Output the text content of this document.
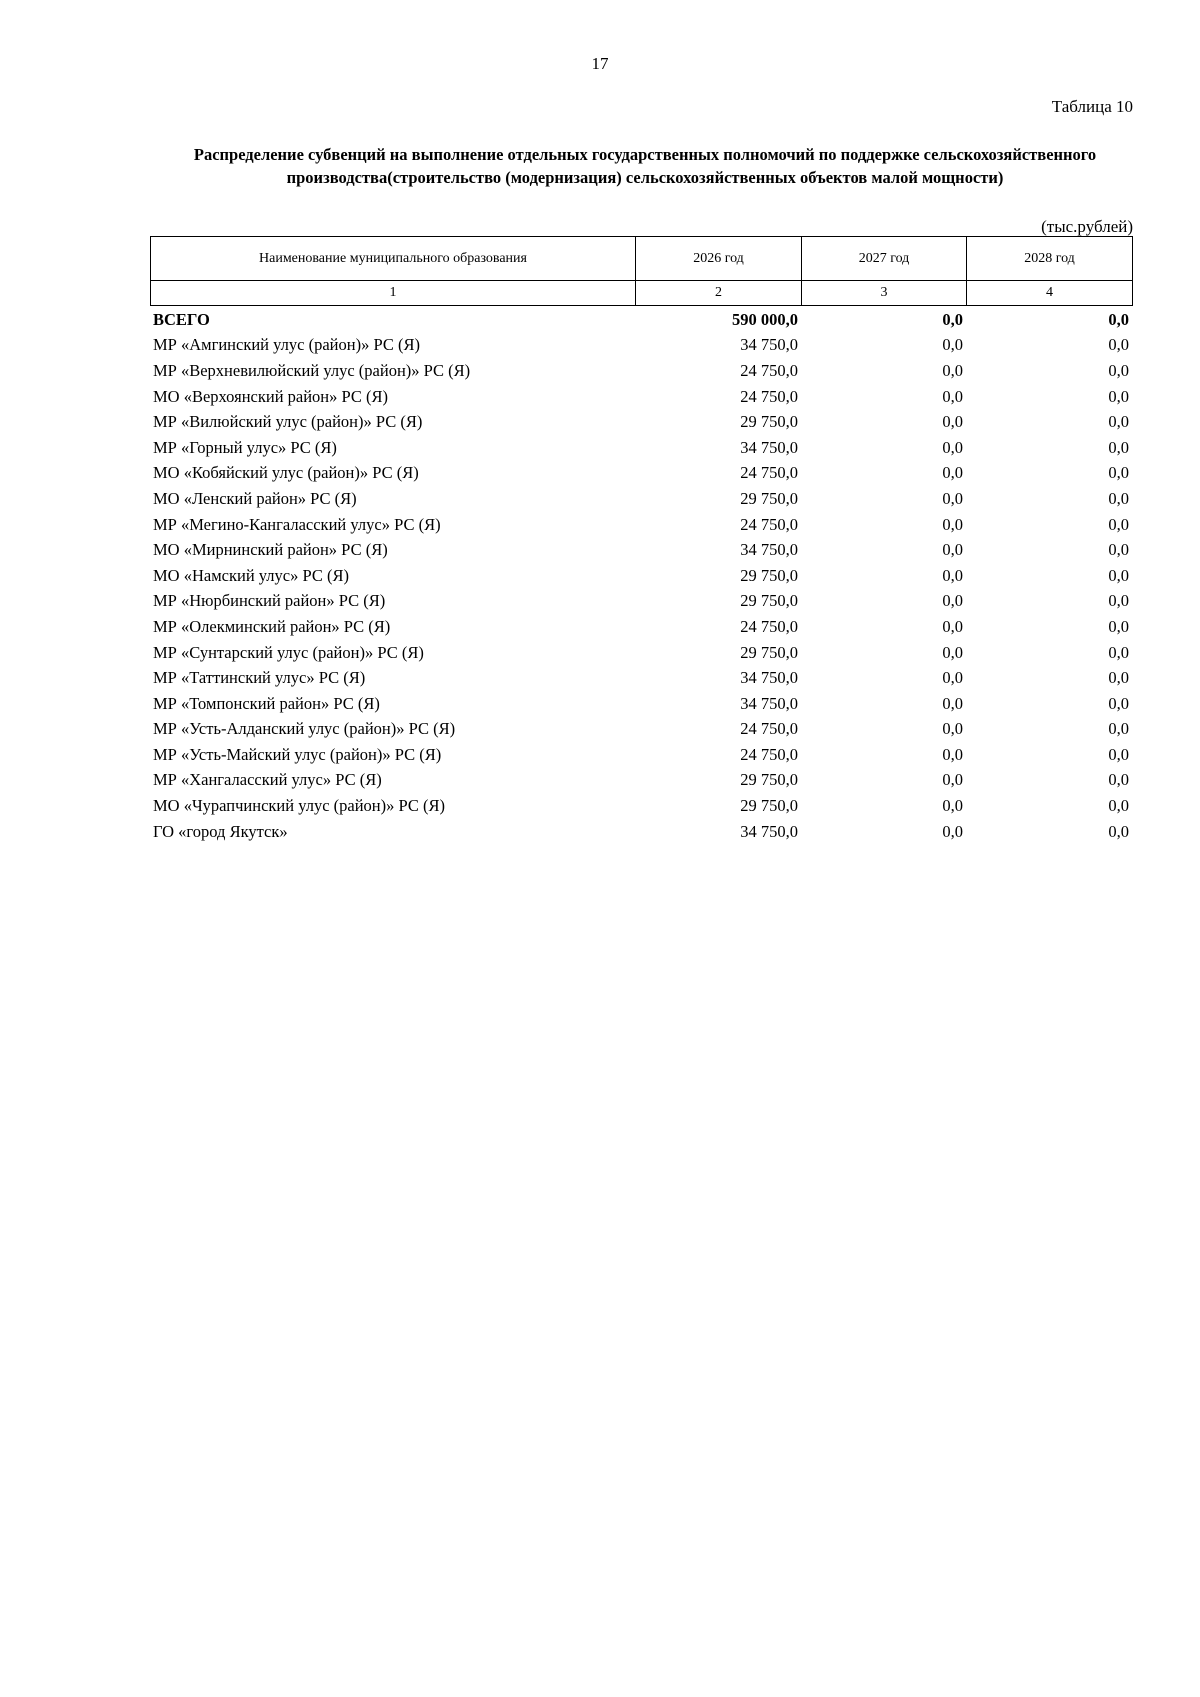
17
Таблица 10
Распределение субвенций на выполнение отдельных государственных полномочий по поддержке сельскохозяйственного
производства(строительство (модернизация) сельскохозяйственных объектов малой мощности)
(тыс.рублей)
Наименование муниципального образования	2026 год	2027 год	2028 год
1	2	3	4
ВСЕГО	590 000,0	0,0	0,0
МР «Амгинский улус (район)» РС (Я)	34 750,0	0,0	0,0
МР «Верхневилюйский улус (район)» РС (Я)	24 750,0	0,0	0,0
МО «Верхоянский район» РС (Я)	24 750,0	0,0	0,0
МР «Вилюйский улус (район)» РС (Я)	29 750,0	0,0	0,0
МР «Горный улус» РС (Я)	34 750,0	0,0	0,0
МО «Кобяйский улус (район)» РС (Я)	24 750,0	0,0	0,0
МО «Ленский район» РС (Я)	29 750,0	0,0	0,0
МР «Мегино-Кангаласский улус» РС (Я)	24 750,0	0,0	0,0
МО «Мирнинский район» РС (Я)	34 750,0	0,0	0,0
МО «Намский улус» РС (Я)	29 750,0	0,0	0,0
МР «Нюрбинский район» РС (Я)	29 750,0	0,0	0,0
МР «Олекминский район» РС (Я)	24 750,0	0,0	0,0
МР «Сунтарский улус (район)» РС (Я)	29 750,0	0,0	0,0
МР «Таттинский улус» РС (Я)	34 750,0	0,0	0,0
МР «Томпонский район» РС (Я)	34 750,0	0,0	0,0
МР «Усть-Алданский улус (район)» РС (Я)	24 750,0	0,0	0,0
МР «Усть-Майский улус (район)» РС (Я)	24 750,0	0,0	0,0
МР «Хангаласский улус» РС (Я)	29 750,0	0,0	0,0
МО «Чурапчинский улус (район)» РС (Я)	29 750,0	0,0	0,0
ГО «город Якутск»	34 750,0	0,0	0,0
